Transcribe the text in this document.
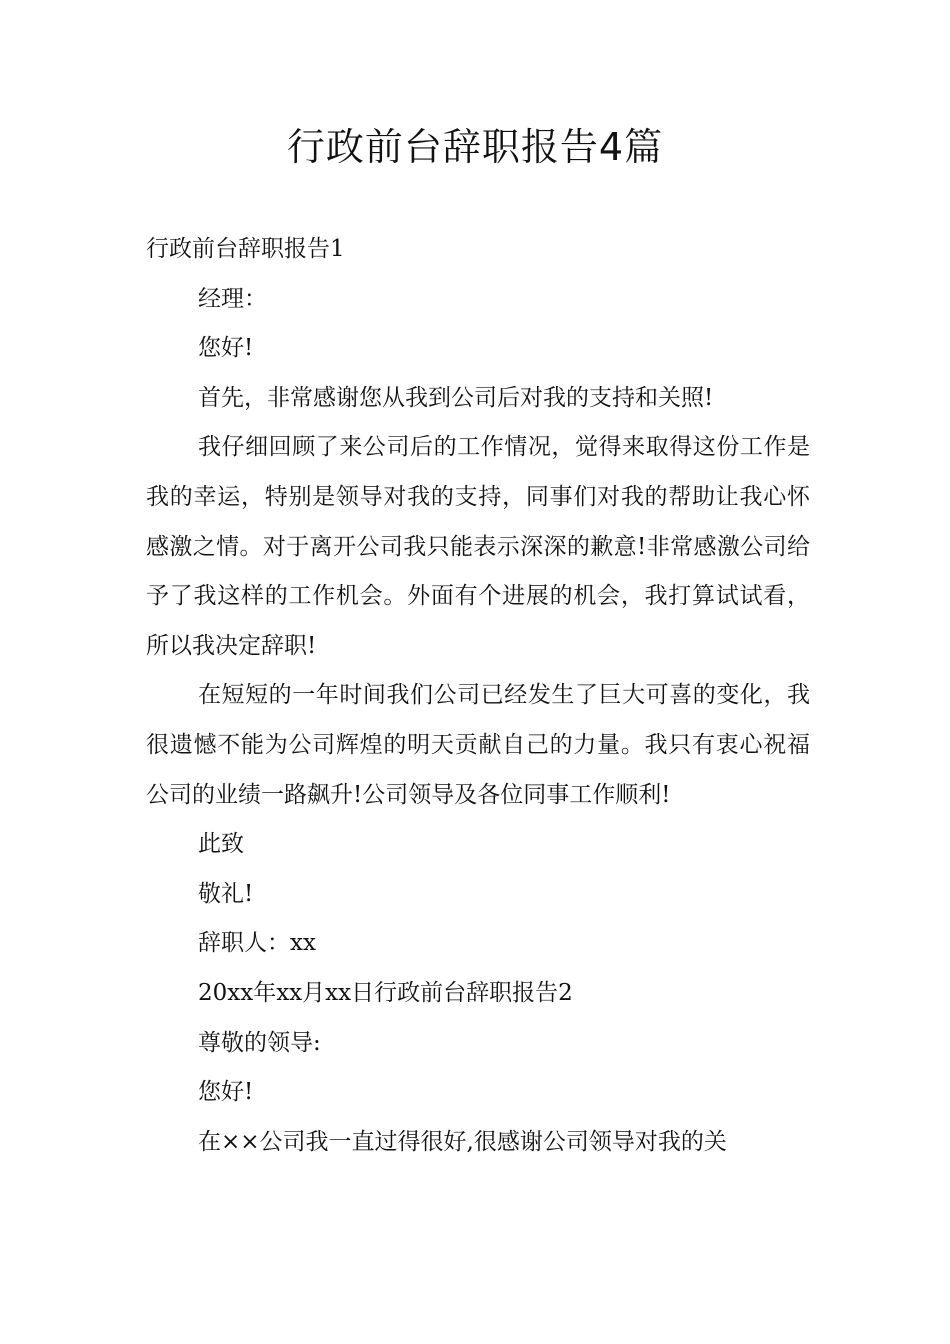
行政前台辞职报告4篇

行政前台辞职报告1

经理：

您好!

首先，非常感谢您从我到公司后对我的支持和关照!

我仔细回顾了来公司后的工作情况，觉得来取得这份工作是我的幸运，特别是领导对我的支持，同事们对我的帮助让我心怀感激之情。对于离开公司我只能表示深深的歉意!非常感激公司给予了我这样的工作机会。外面有个进展的机会，我打算试试看，所以我决定辞职!

在短短的一年时间我们公司已经发生了巨大可喜的变化，我很遗憾不能为公司辉煌的明天贡献自己的力量。我只有衷心祝福公司的业绩一路飙升!公司领导及各位同事工作顺利!

此致

敬礼!

辞职人：xx

20xx年xx月xx日行政前台辞职报告2

尊敬的领导:

您好!

在××公司我一直过得很好,很感谢公司领导对我的关
